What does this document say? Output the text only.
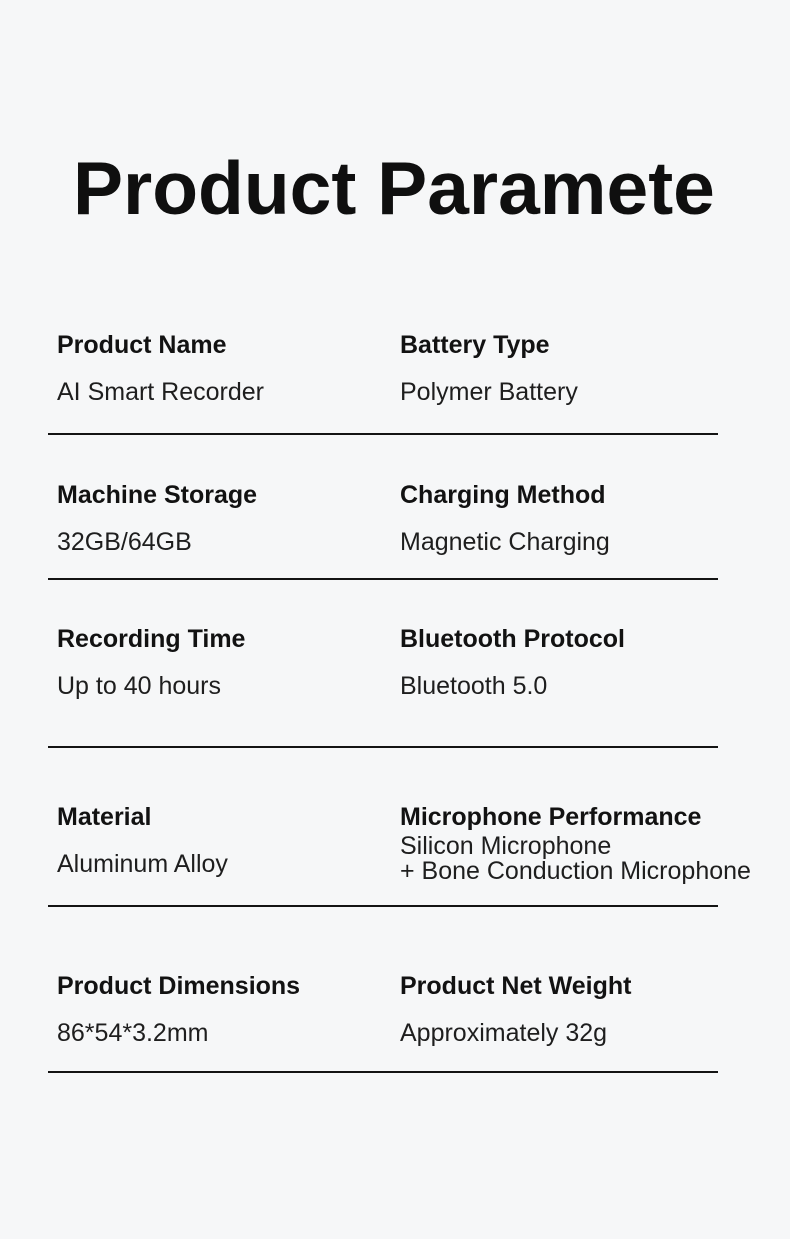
Product Paramete
Product Name
AI Smart Recorder
Battery Type
Polymer Battery
Machine Storage
32GB/64GB
Charging Method
Magnetic Charging
Recording Time
Up to 40 hours
Bluetooth Protocol
Bluetooth 5.0
Material
Aluminum Alloy
Microphone Performance
Silicon Microphone
+ Bone Conduction Microphone
Product Dimensions
86*54*3.2mm
Product Net Weight
Approximately 32g
